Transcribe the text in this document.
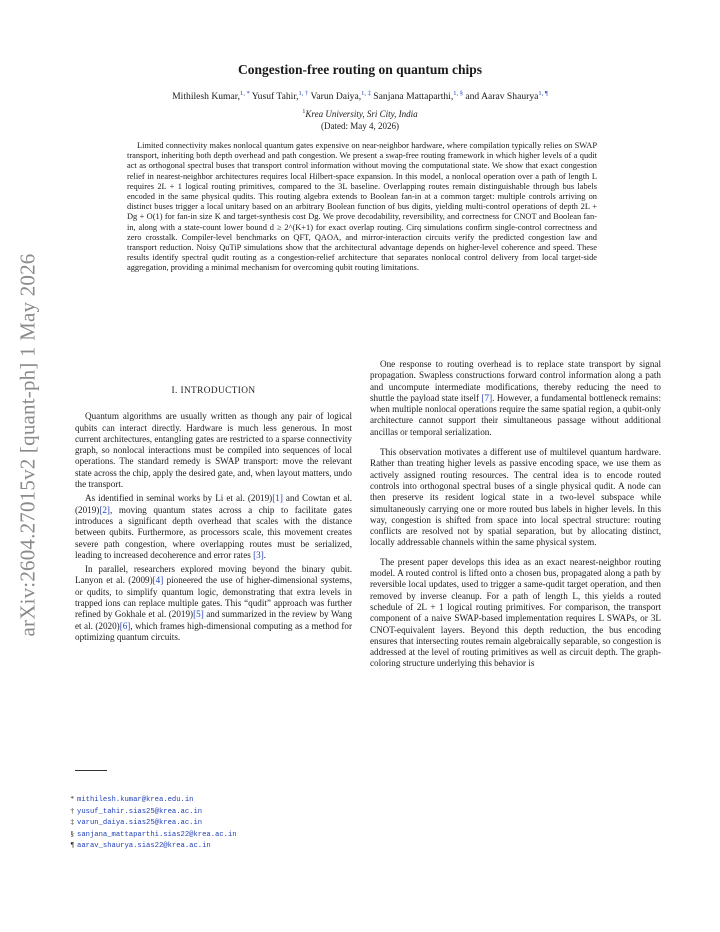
arXiv:2604.27015v2 [quant-ph] 1 May 2026
Congestion-free routing on quantum chips
Mithilesh Kumar,$^{1, *}$ Yusuf Tahir,$^{1, \dagger}$ Varun Daiya,$^{1, \ddagger}$ Sanjana Mattaparthi,$^{1, \S}$ and Aarav Shaurya$^{1, \P}$
$^1$Krea University, Sri City, India
(Dated: May 4, 2026)

Limited connectivity makes nonlocal quantum gates expensive on near-neighbor hardware, where compilation typically relies on SWAP transport, inheriting both depth overhead and path congestion. We present a swap-free routing framework in which higher levels of a qudit act as orthogonal spectral buses that transport control information without moving the computational state. We show that exact congestion relief in nearest-neighbor architectures requires local Hilbert-space expansion. In this model, a nonlocal operation over a path of length L requires 2L + 1 logical routing primitives, compared to the 3L baseline. Overlapping routes remain distinguishable through bus labels encoded in the same physical qudits. This routing algebra extends to Boolean fan-in at a common target: multiple controls arriving on distinct buses trigger a local unitary based on an arbitrary Boolean function of bus digits, yielding multi-control operations of depth 2L + Dg + O(1) for fan-in size K and target-synthesis cost Dg. We prove decodability, reversibility, and correctness for CNOT and Boolean fan-in, along with a state-count lower bound d ≥ 2^(K+1) for exact overlap routing. Cirq simulations confirm single-control correctness and zero crosstalk. Compiler-level benchmarks on QFT, QAOA, and mirror-interaction circuits verify the predicted congestion law and transport reduction. Noisy QuTiP simulations show that the architectural advantage depends on higher-level coherence and speed. These results identify spectral qudit routing as a congestion-relief architecture that separates nonlocal control delivery from local target-side aggregation, providing a minimal mechanism for overcoming qubit routing limitations.

I. INTRODUCTION

Quantum algorithms are usually written as though any pair of logical qubits can interact directly. Hardware is much less generous. In most current architectures, entangling gates are restricted to a sparse connectivity graph, so nonlocal interactions must be compiled into sequences of local operations. The standard remedy is SWAP transport: move the relevant state across the chip, apply the desired gate, and, when layout matters, undo the transport.

As identified in seminal works by Li et al. (2019)[1] and Cowtan et al. (2019)[2], moving quantum states across a chip to facilitate gates introduces a significant depth overhead that scales with the distance between qubits. Furthermore, as processors scale, this movement creates severe path congestion, where overlapping routes must be serialized, leading to increased decoherence and error rates [3].

In parallel, researchers explored moving beyond the binary qubit. Lanyon et al. (2009)[4] pioneered the use of higher-dimensional systems, or qudits, to simplify quantum logic, demonstrating that extra levels in trapped ions can replace multiple gates. This “qudit” approach was further refined by Gokhale et al. (2019)[5] and summarized in the review by Wang et al. (2020)[6], which frames high-dimensional computing as a method for optimizing quantum circuits.

One response to routing overhead is to replace state transport by signal propagation. Swapless constructions forward control information along a path and uncompute intermediate modifications, thereby reducing the need to shuttle the payload state itself [7]. However, a fundamental bottleneck remains: when multiple nonlocal operations require the same spatial region, a qubit-only architecture cannot support their simultaneous passage without additional ancillas or temporal serialization.

This observation motivates a different use of multilevel quantum hardware. Rather than treating higher levels as passive encoding space, we use them as actively assigned routing resources. The central idea is to encode routed controls into orthogonal spectral buses of a single physical qudit. A node can then preserve its resident logical state in a two-level subspace while simultaneously carrying one or more routed bus labels in higher levels. In this way, congestion is shifted from space into local spectral structure: routing conflicts are resolved not by spatial separation, but by allocating distinct, locally addressable channels within the same physical system.

The present paper develops this idea as an exact nearest-neighbor routing model. A routed control is lifted onto a chosen bus, propagated along a path by reversible local updates, used to trigger a same-qudit target operation, and then removed by inverse cleanup. For a path of length L, this yields a routed schedule of 2L + 1 logical routing primitives. For comparison, the transport component of a naive SWAP-based implementation requires L SWAPs, or 3L CNOT-equivalent layers. Beyond this depth reduction, the bus encoding ensures that intersecting routes remain algebraically separable, so congestion is addressed at the level of routing primitives as well as circuit depth. The graph-coloring structure underlying this behavior is

* mithilesh.kumar@krea.edu.in
† yusuf_tahir.sias25@krea.ac.in
‡ varun_daiya.sias25@krea.ac.in
§ sanjana_mattaparthi.sias22@krea.ac.in
¶ aarav_shaurya.sias22@krea.ac.in
